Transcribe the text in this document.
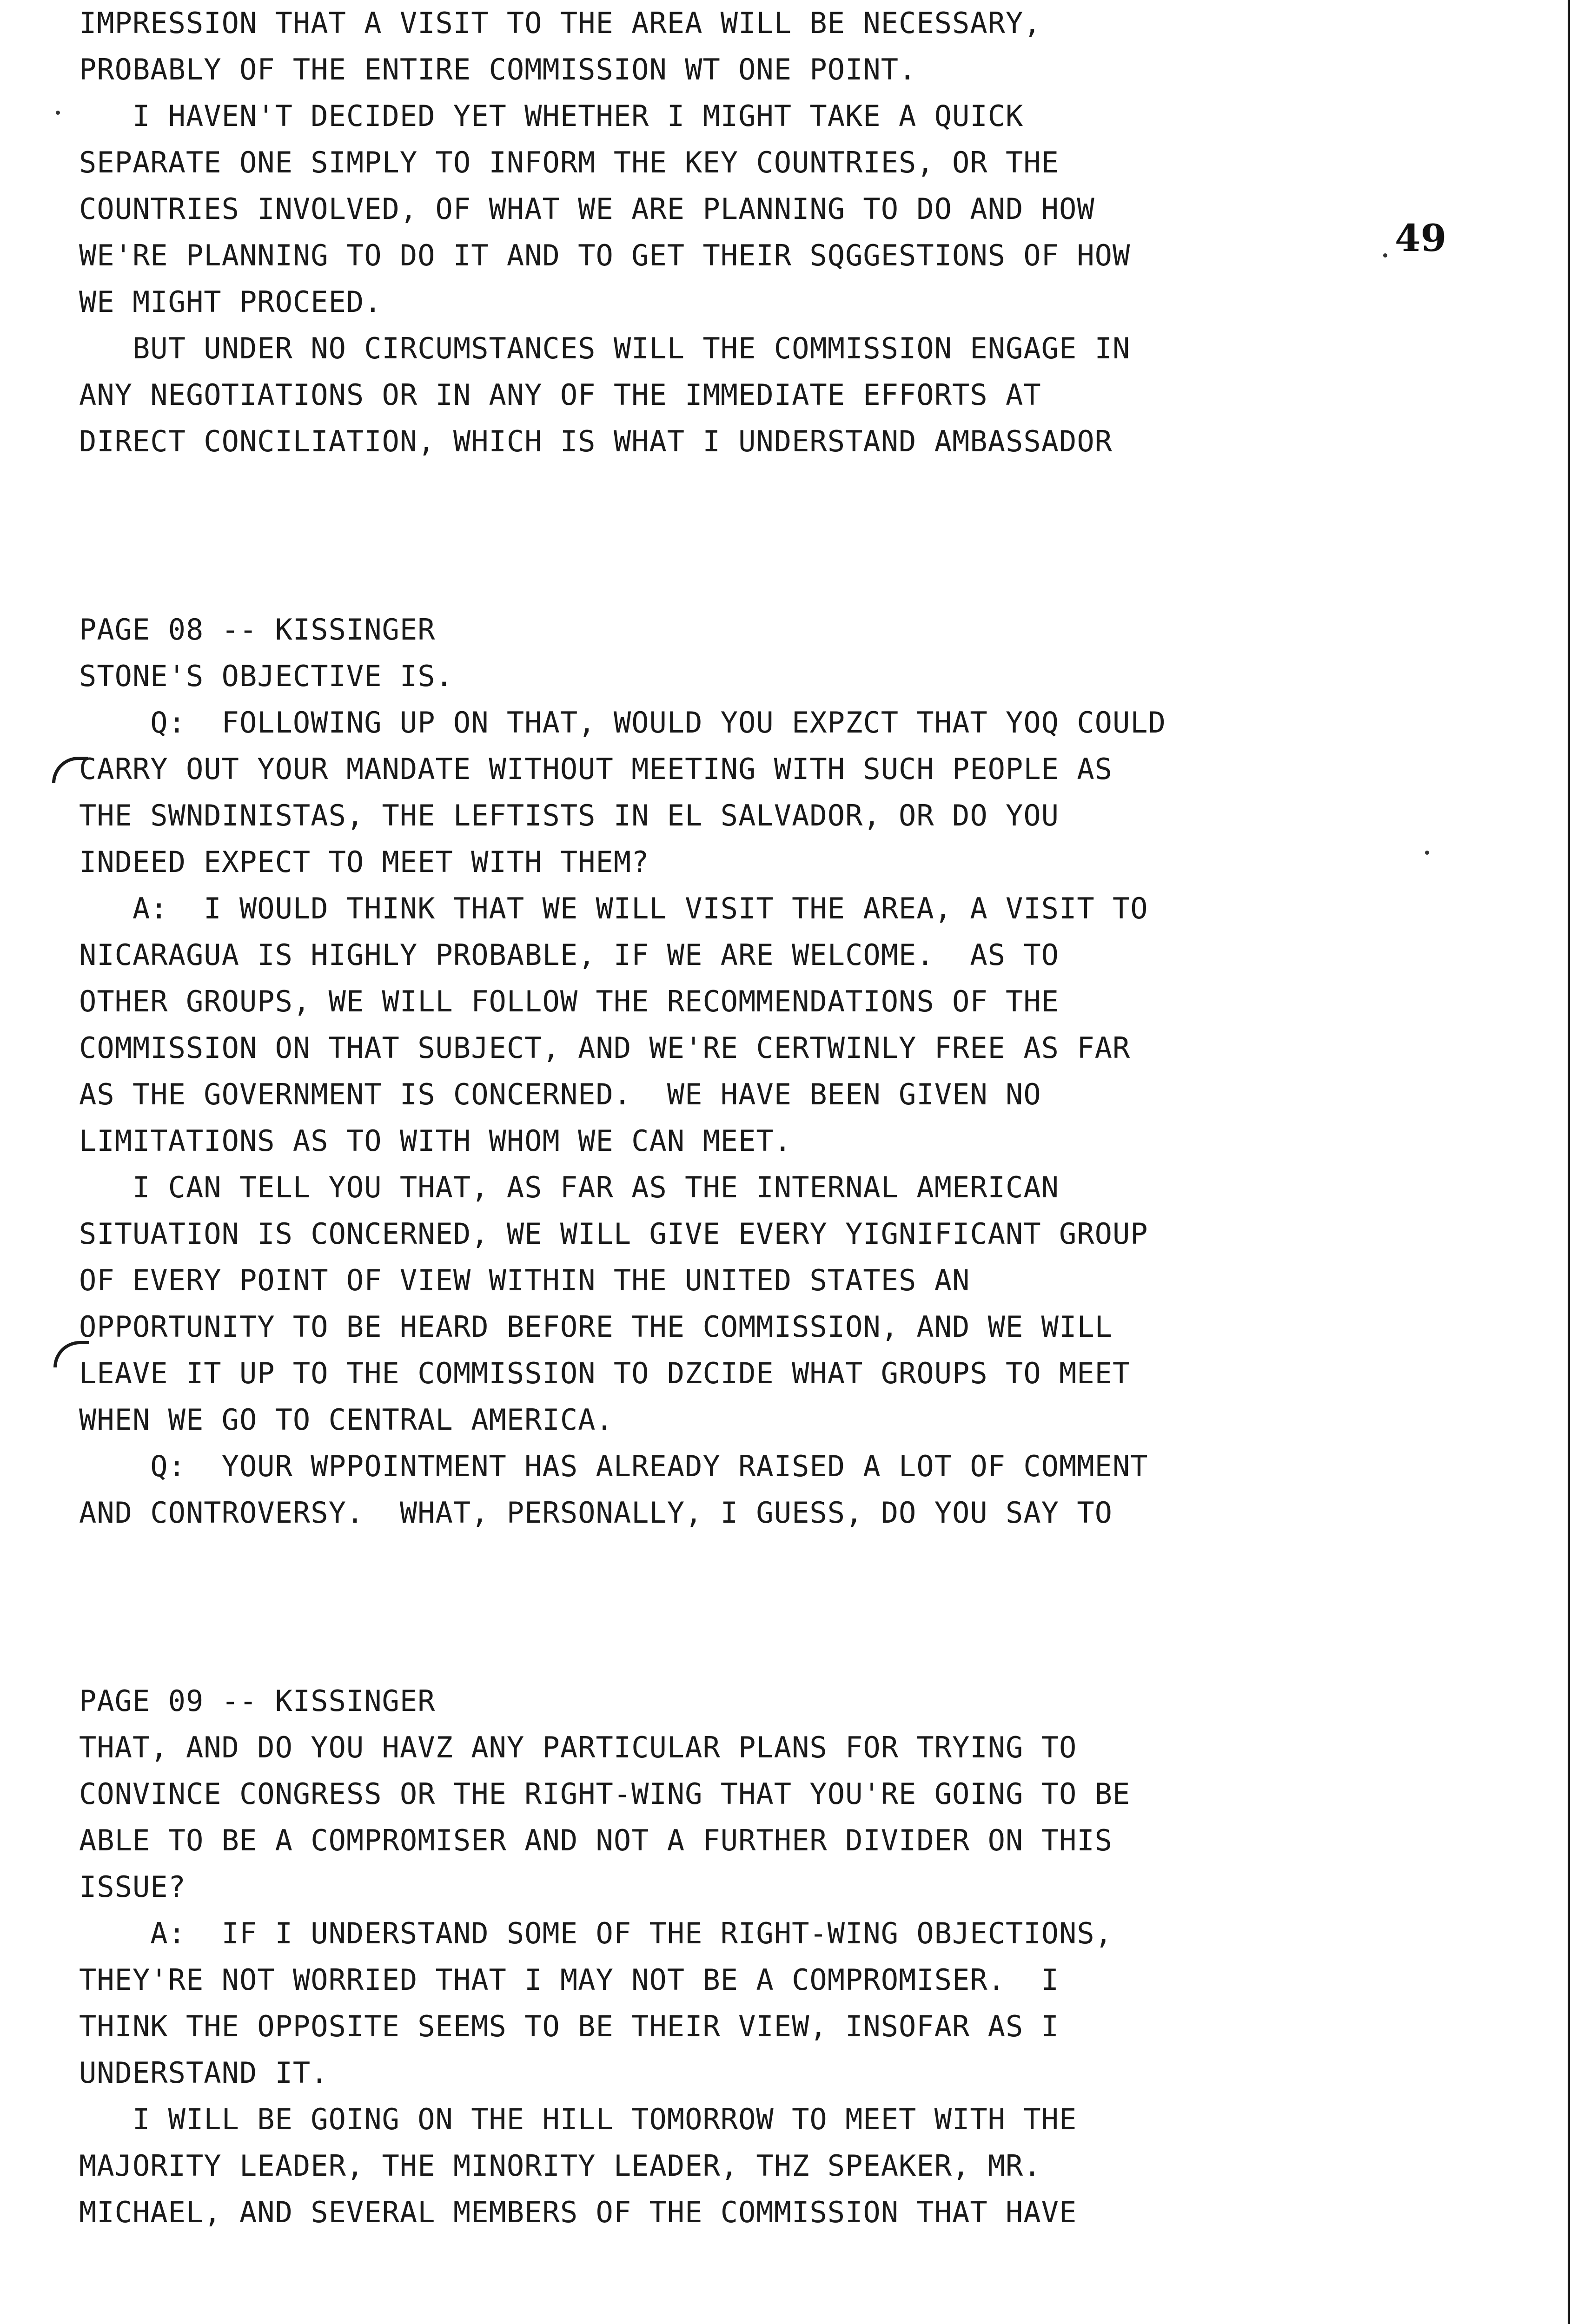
49
IMPRESSION THAT A VISIT TO THE AREA WILL BE NECESSARY,
PROBABLY OF THE ENTIRE COMMISSION WT ONE POINT.
I HAVEN'T DECIDED YET WHETHER I MIGHT TAKE A QUICK
SEPARATE ONE SIMPLY TO INFORM THE KEY COUNTRIES, OR THE
COUNTRIES INVOLVED, OF WHAT WE ARE PLANNING TO DO AND HOW
WE'RE PLANNING TO DO IT AND TO GET THEIR SQGGESTIONS OF HOW
WE MIGHT PROCEED.
BUT UNDER NO CIRCUMSTANCES WILL THE COMMISSION ENGAGE IN
ANY NEGOTIATIONS OR IN ANY OF THE IMMEDIATE EFFORTS AT
DIRECT CONCILIATION, WHICH IS WHAT I UNDERSTAND AMBASSADOR
PAGE 08 -- KISSINGER
STONE'S OBJECTIVE IS.
Q:  FOLLOWING UP ON THAT, WOULD YOU EXPZCT THAT YOQ COULD
CARRY OUT YOUR MANDATE WITHOUT MEETING WITH SUCH PEOPLE AS
THE SWNDINISTAS, THE LEFTISTS IN EL SALVADOR, OR DO YOU
INDEED EXPECT TO MEET WITH THEM?
A:  I WOULD THINK THAT WE WILL VISIT THE AREA, A VISIT TO
NICARAGUA IS HIGHLY PROBABLE, IF WE ARE WELCOME.  AS TO
OTHER GROUPS, WE WILL FOLLOW THE RECOMMENDATIONS OF THE
COMMISSION ON THAT SUBJECT, AND WE'RE CERTWINLY FREE AS FAR
AS THE GOVERNMENT IS CONCERNED.  WE HAVE BEEN GIVEN NO
LIMITATIONS AS TO WITH WHOM WE CAN MEET.
I CAN TELL YOU THAT, AS FAR AS THE INTERNAL AMERICAN
SITUATION IS CONCERNED, WE WILL GIVE EVERY YIGNIFICANT GROUP
OF EVERY POINT OF VIEW WITHIN THE UNITED STATES AN
OPPORTUNITY TO BE HEARD BEFORE THE COMMISSION, AND WE WILL
LEAVE IT UP TO THE COMMISSION TO DZCIDE WHAT GROUPS TO MEET
WHEN WE GO TO CENTRAL AMERICA.
Q:  YOUR WPPOINTMENT HAS ALREADY RAISED A LOT OF COMMENT
AND CONTROVERSY.  WHAT, PERSONALLY, I GUESS, DO YOU SAY TO
PAGE 09 -- KISSINGER
THAT, AND DO YOU HAVZ ANY PARTICULAR PLANS FOR TRYING TO
CONVINCE CONGRESS OR THE RIGHT-WING THAT YOU'RE GOING TO BE
ABLE TO BE A COMPROMISER AND NOT A FURTHER DIVIDER ON THIS
ISSUE?
A:  IF I UNDERSTAND SOME OF THE RIGHT-WING OBJECTIONS,
THEY'RE NOT WORRIED THAT I MAY NOT BE A COMPROMISER.  I
THINK THE OPPOSITE SEEMS TO BE THEIR VIEW, INSOFAR AS I
UNDERSTAND IT.
I WILL BE GOING ON THE HILL TOMORROW TO MEET WITH THE
MAJORITY LEADER, THE MINORITY LEADER, THZ SPEAKER, MR.
MICHAEL, AND SEVERAL MEMBERS OF THE COMMISSION THAT HAVE
